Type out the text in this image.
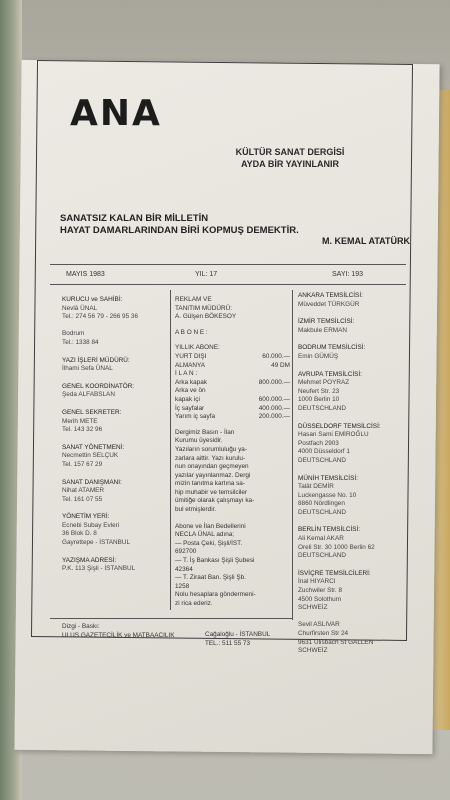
ANA
KÜLTÜR SANAT DERGİSİ
AYDA BİR YAYINLANIR
SANATSIZ KALAN BİR MİLLETİN
HAYAT DAMARLARINDAN BİRİ KOPMUŞ DEMEKTİR.
M. KEMAL ATATÜRK
MAYIS 1983	YIL: 17	SAYI: 193
KURUCU ve SAHİBİ:
Nevlâ ÜNAL
Tel.: 274 56 79 - 266 95 36

Bodrum
Tel.: 1338 84
YAZI İŞLERİ MÜDÜRÜ:
İlhami Sefa ÜNAL
GENEL KOORDİNATÖR:
Şeda ALFABSLAN
GENEL SEKRETER:
Merih METE
Tel. 143 32 96
SANAT YÖNETMENİ:
Necmettin SELÇUK
Tel. 157 67 29
SANAT DANIŞMANI:
Nihat ATAMER
Tel. 161 07 55
YÖNETİM YERİ:
Ecnebi Subay Evleri
36 Blok D. 8
Gayrettepe - İSTANBUL
YAZIŞMA ADRESİ:
P.K. 113 Şişli - İSTANBUL
REKLAM VE
TANITIM MÜDÜRÜ:
A. Gülşen BÖKESOY
A B O N E :
YILLIK ABONE:
YURT DIŞI	60.000.—
ALMANYA	49 DM
İ L A N :
Arka kapak	800.000.—
Arka ve ön
kapak içi	600.000.—
İç sayfalar	400.000.—
Yarım iç sayfa	200.000.—
Dergimiz Basın - İlan
Kurumu üyesidir.
Yazıların sorumluluğu ya-
zarlara aittir. Yazı kurulu-
nun onayından geçmeyen
yazılar yayınlanmaz. Dergi
mizin tanıtma kartına sa-
hip muhabir ve temsilciler
ümitiğe olarak çalışmayı ka-
bul etmişlerdir.
Abone ve İlan Bedellerini
NECLA ÜNAL adına;
— Posta Çeki, Şişli/İST.
692700
— T. İş Bankası Şişli Şubesi
42364
— T. Ziraat Ban. Şişli Şb.
1258
Nolu hesaplara göndermeni-
zi rica ederiz.
ANKARA TEMSİLCİSİ:
Müveddet TÜRKGÜR
İZMİR TEMSİLCİSİ:
Makbule ERMAN
BODRUM TEMSİLCİSİ:
Emin GÜMÜŞ
AVRUPA TEMSİLCİSİ:
Mehmet POYRAZ
Neufert Str. 23
1000 Berlin 10
DEUTSCHLAND
DÜSSELDORF TEMSİLCİSİ:
Hasan Sami EMİROĞLU
Postfach 2903
4000 Düsseldorf 1
DEUTSCHLAND
MÜNİH TEMSİLCİSİ:
Talât DEMİR
Luckengasse No. 10
8860 Nördlingen
DEUTSCHLAND
BERLİN TEMSİLCİSİ:
Ali Kemal AKAR
Oreli Str. 30 1000 Berlin 62
DEUTSCHLAND
İSVİÇRE TEMSİLCİLERİ:
İnal HIYARCI
Zuchwiler Str. 8
4500 Solothurn
SCHWEİZ

Sevil ASLIVAR
Churfirsten Str 24
9631 Ulisbach St GALLEN
SCHWEİZ
Dizgi - Baskı:
ULUS GAZETECİLİK ve MATBAACILIK	Cağaloğlu - İSTANBUL
TEL.: 511 55 73
